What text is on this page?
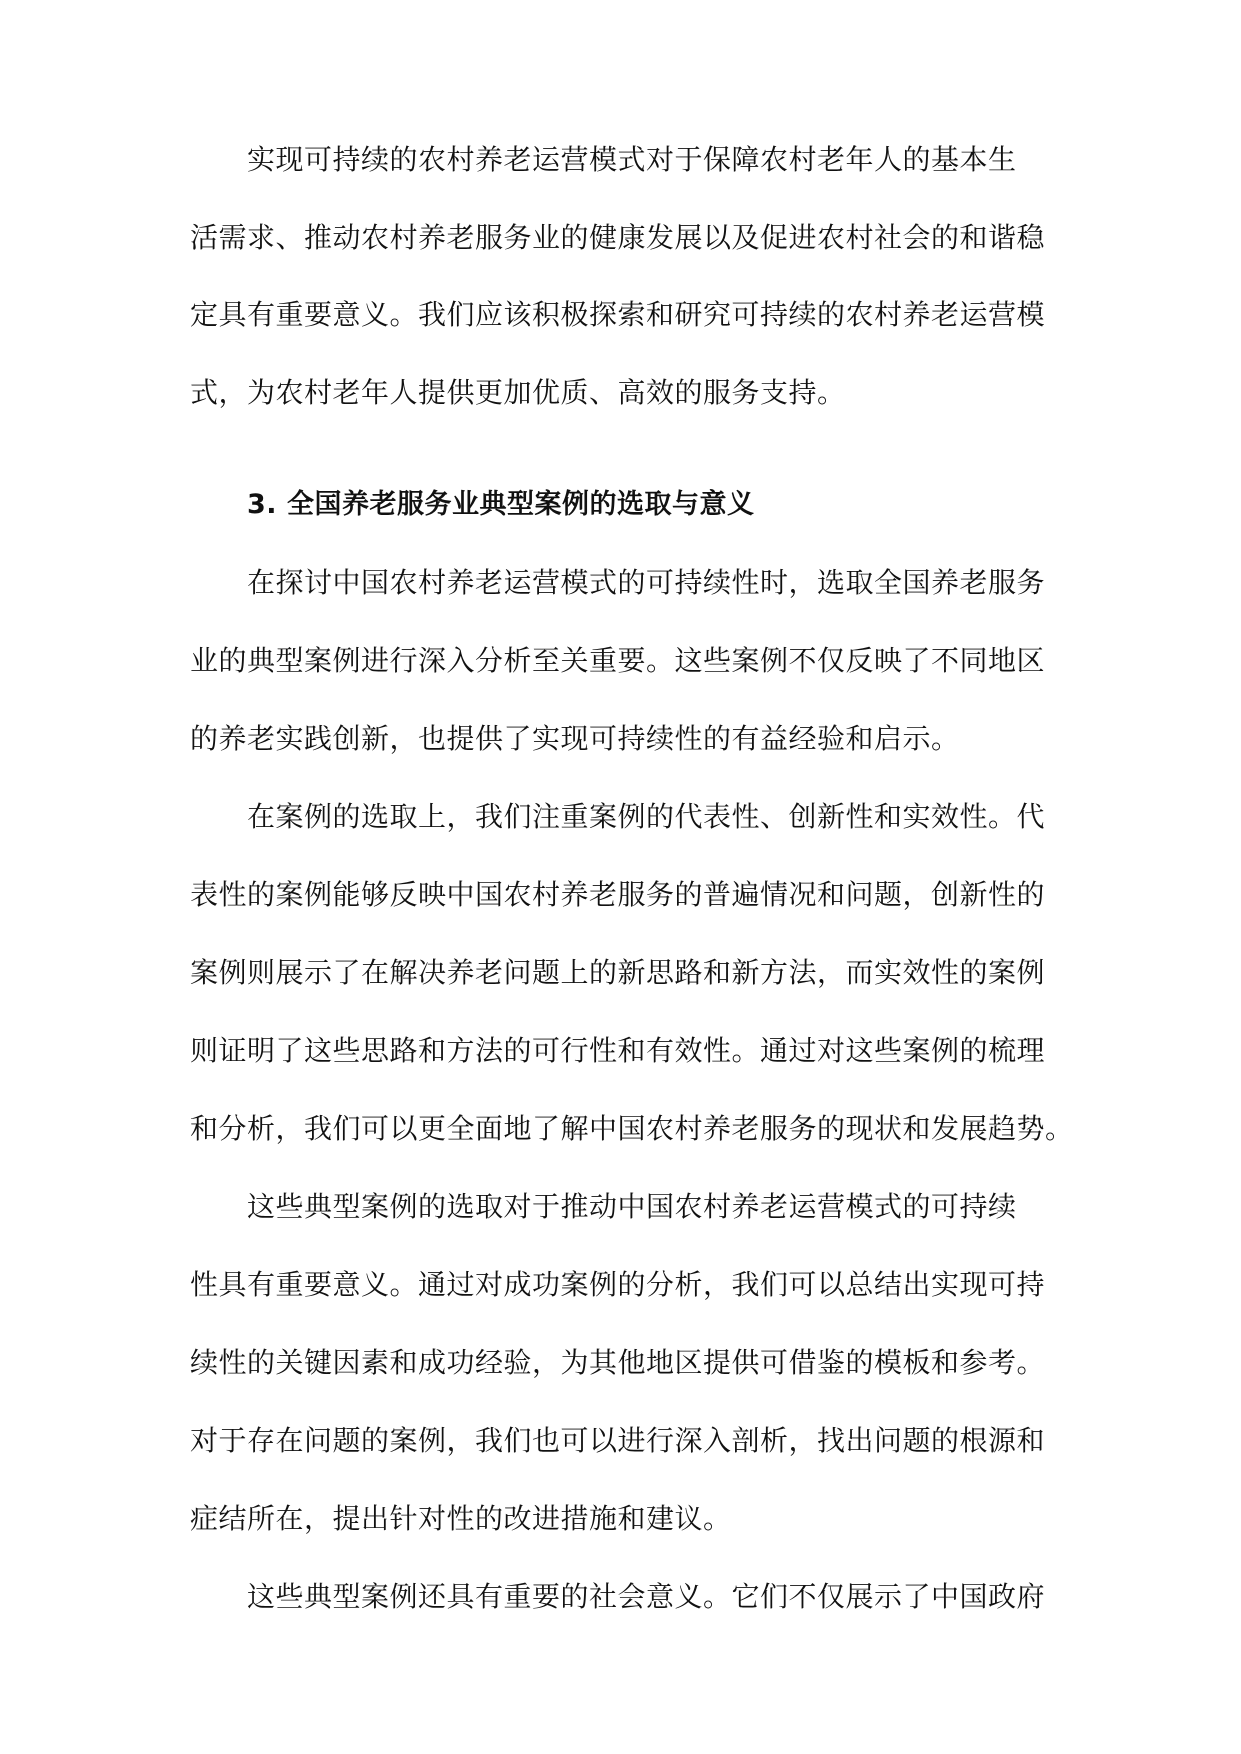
实现可持续的农村养老运营模式对于保障农村老年人的基本生
活需求、推动农村养老服务业的健康发展以及促进农村社会的和谐稳
定具有重要意义。我们应该积极探索和研究可持续的农村养老运营模
式，为农村老年人提供更加优质、高效的服务支持。
3. 全国养老服务业典型案例的选取与意义
在探讨中国农村养老运营模式的可持续性时，选取全国养老服务
业的典型案例进行深入分析至关重要。这些案例不仅反映了不同地区
的养老实践创新，也提供了实现可持续性的有益经验和启示。
在案例的选取上，我们注重案例的代表性、创新性和实效性。代
表性的案例能够反映中国农村养老服务的普遍情况和问题，创新性的
案例则展示了在解决养老问题上的新思路和新方法，而实效性的案例
则证明了这些思路和方法的可行性和有效性。通过对这些案例的梳理
和分析，我们可以更全面地了解中国农村养老服务的现状和发展趋势。
这些典型案例的选取对于推动中国农村养老运营模式的可持续
性具有重要意义。通过对成功案例的分析，我们可以总结出实现可持
续性的关键因素和成功经验，为其他地区提供可借鉴的模板和参考。
对于存在问题的案例，我们也可以进行深入剖析，找出问题的根源和
症结所在，提出针对性的改进措施和建议。
这些典型案例还具有重要的社会意义。它们不仅展示了中国政府
